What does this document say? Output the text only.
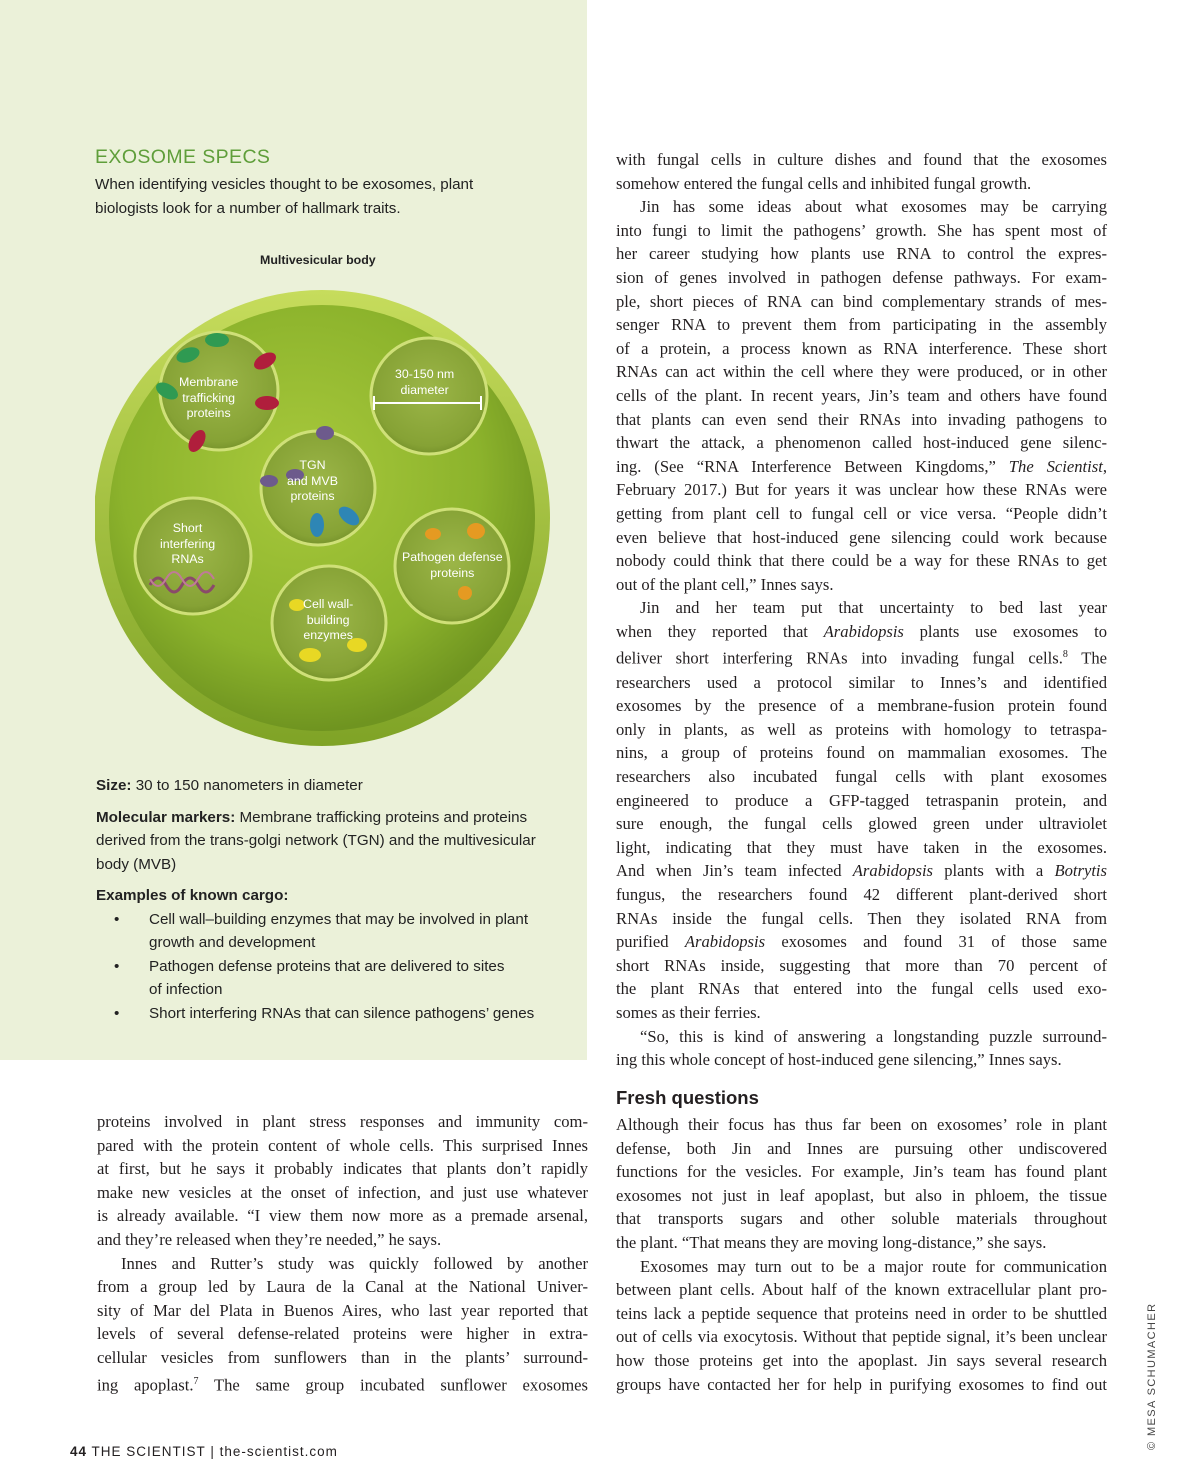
EXOSOME SPECS
When identifying vesicles thought to be exosomes, plant
biologists look for a number of hallmark traits.
Multivesicular body
Membrane
trafficking
proteins
30-150 nm
diameter
TGN
and MVB
proteins
Short
interfering
RNAs	Pathogen defense
proteins
Cell wall-
building
enzymes
Size: 30 to 150 nanometers in diameter
Molecular markers: Membrane trafficking proteins and proteins
derived from the trans-golgi network (TGN) and the multivesicular
body (MVB)
Examples of known cargo:
• Cell wall–building enzymes that may be involved in plant
growth and development
• Pathogen defense proteins that are delivered to sites
of infection
• Short interfering RNAs that can silence pathogens’ genes
with fungal cells in culture dishes and found that the exosomes
somehow entered the fungal cells and inhibited fungal growth.
Jin has some ideas about what exosomes may be carrying
into fungi to limit the pathogens’ growth. She has spent most of
her career studying how plants use RNA to control the expres-
sion of genes involved in pathogen defense pathways. For exam-
ple, short pieces of RNA can bind complementary strands of mes-
senger RNA to prevent them from participating in the assembly
of a protein, a process known as RNA interference. These short
RNAs can act within the cell where they were produced, or in other
cells of the plant. In recent years, Jin’s team and others have found
that plants can even send their RNAs into invading pathogens to
thwart the attack, a phenomenon called host-induced gene silenc-
ing. (See “RNA Interference Between Kingdoms,” The Scientist,
February 2017.) But for years it was unclear how these RNAs were
getting from plant cell to fungal cell or vice versa. “People didn’t
even believe that host-induced gene silencing could work because
nobody could think that there could be a way for these RNAs to get
out of the plant cell,” Innes says.
Jin and her team put that uncertainty to bed last year
when they reported that Arabidopsis plants use exosomes to
deliver short interfering RNAs into invading fungal cells.$^8$ The
researchers used a protocol similar to Innes’s and identified
exosomes by the presence of a membrane-fusion protein found
only in plants, as well as proteins with homology to tetraspa-
nins, a group of proteins found on mammalian exosomes. The
researchers also incubated fungal cells with plant exosomes
engineered to produce a GFP-tagged tetraspanin protein, and
sure enough, the fungal cells glowed green under ultraviolet
light, indicating that they must have taken in the exosomes.
And when Jin’s team infected Arabidopsis plants with a Botrytis
fungus, the researchers found 42 different plant-derived short
RNAs inside the fungal cells. Then they isolated RNA from
purified Arabidopsis exosomes and found 31 of those same
short RNAs inside, suggesting that more than 70 percent of
the plant RNAs that entered into the fungal cells used exo-
somes as their ferries.
“So, this is kind of answering a longstanding puzzle surround-
ing this whole concept of host-induced gene silencing,” Innes says.
Fresh questions
Although their focus has thus far been on exosomes’ role in plant
defense, both Jin and Innes are pursuing other undiscovered
functions for the vesicles. For example, Jin’s team has found plant
exosomes not just in leaf apoplast, but also in phloem, the tissue
that transports sugars and other soluble materials throughout
the plant. “That means they are moving long-distance,” she says.
Exosomes may turn out to be a major route for communication
between plant cells. About half of the known extracellular plant pro-
teins lack a peptide sequence that proteins need in order to be shuttled
out of cells via exocytosis. Without that peptide signal, it’s been unclear
how those proteins get into the apoplast. Jin says several research
groups have contacted her for help in purifying exosomes to find out
proteins involved in plant stress responses and immunity com-
pared with the protein content of whole cells. This surprised Innes
at first, but he says it probably indicates that plants don’t rapidly
make new vesicles at the onset of infection, and just use whatever
is already available. “I view them now more as a premade arsenal,
and they’re released when they’re needed,” he says.
Innes and Rutter’s study was quickly followed by another
from a group led by Laura de la Canal at the National Univer-
sity of Mar del Plata in Buenos Aires, who last year reported that
levels of several defense-related proteins were higher in extra-
cellular vesicles from sunflowers than in the plants’ surround-
ing apoplast.$^7$ The same group incubated sunflower exosomes	© MESA SCHUMACHER
44 THE SCIENTIST | the-scientist.com
